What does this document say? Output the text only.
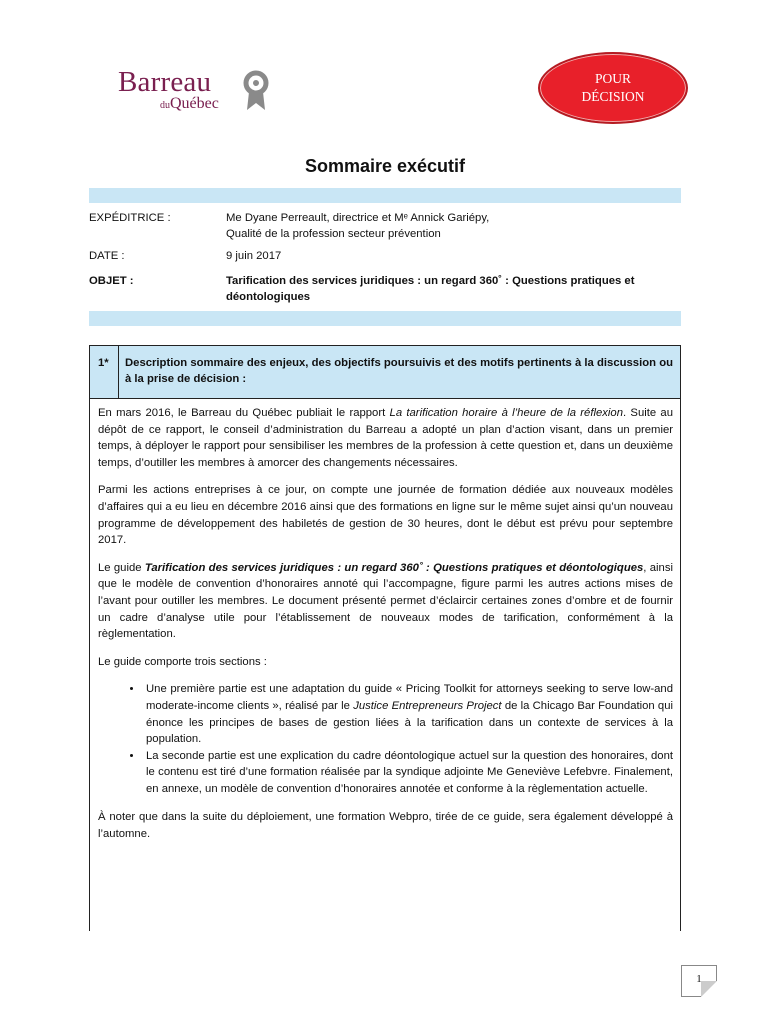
Barreau
duQuébec
POUR
DÉCISION
Sommaire exécutif
EXPÉDITRICE :	Me Dyane Perreault, directrice et Mᵉ Annick Gariépy,
Qualité de la profession secteur prévention
DATE :	9 juin 2017
OBJET :	Tarification des services juridiques : un regard 360˚ : Questions pratiques et
déontologiques
1* Description sommaire des enjeux, des objectifs poursuivis et des motifs pertinents à la discussion ou à la prise de décision :

En mars 2016, le Barreau du Québec publiait le rapport La tarification horaire à l’heure de la réflexion. Suite au dépôt de ce rapport, le conseil d’administration du Barreau a adopté un plan d’action visant, dans un premier temps, à déployer le rapport pour sensibiliser les membres de la profession à cette question et, dans un deuxième temps, d’outiller les membres à amorcer des changements nécessaires.

Parmi les actions entreprises à ce jour, on compte une journée de formation dédiée aux nouveaux modèles d’affaires qui a eu lieu en décembre 2016 ainsi que des formations en ligne sur le même sujet ainsi qu’un nouveau programme de développement des habiletés de gestion de 30 heures, dont le début est prévu pour septembre 2017.

Le guide Tarification des services juridiques : un regard 360˚ : Questions pratiques et déontologiques, ainsi que le modèle de convention d’honoraires annoté qui l’accompagne, figure parmi les autres actions mises de l’avant pour outiller les membres. Le document présenté permet d’éclaircir certaines zones d’ombre et de fournir un cadre d’analyse utile pour l’établissement de nouveaux modes de tarification, conformément à la règlementation.

Le guide comporte trois sections :

• Une première partie est une adaptation du guide « Pricing Toolkit for attorneys seeking to serve low-and moderate-income clients », réalisé par le Justice Entrepreneurs Project de la Chicago Bar Foundation qui énonce les principes de bases de gestion liées à la tarification dans un contexte de services à la population.
• La seconde partie est une explication du cadre déontologique actuel sur la question des honoraires, dont le contenu est tiré d’une formation réalisée par la syndique adjointe Me Geneviève Lefebvre. Finalement, en annexe, un modèle de convention d’honoraires annotée et conforme à la règlementation actuelle.

À noter que dans la suite du déploiement, une formation Webpro, tirée de ce guide, sera également développé à l’automne.

1
